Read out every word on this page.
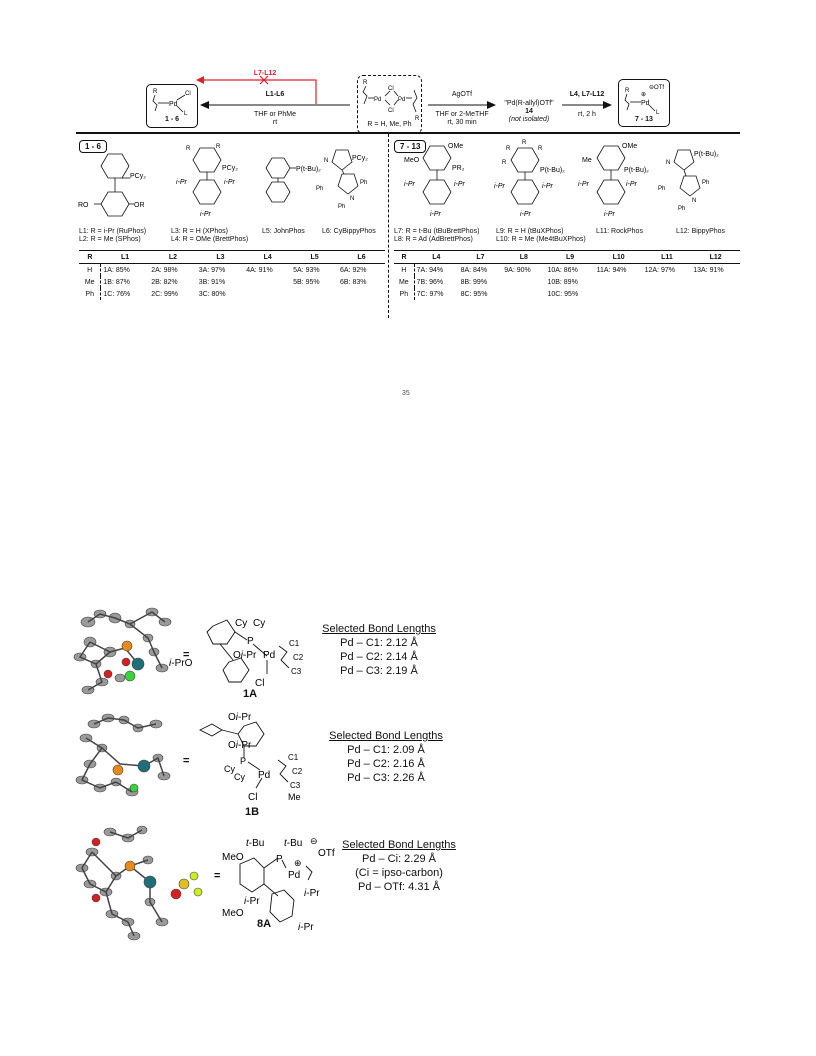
R
Pd
Cl
L
1 - 6
L7-L12
L1-L6
THF or PhMe
rt
R
Pd
Cl
Cl
Pd
R
R = H, Me, Ph
AgOTf
THF or 2-MeTHF
rt, 30 min
"Pd(R-allyl)OTf"
14
(not isolated)
L4, L7-L12
rt, 2 h
R
Pd
⊕
⊖OTf
L
7 - 13
1 - 6
PCy₂
RO	OR
R	R
PCy₂
i-Pr	i-Pr
i-Pr
P(t-Bu)₂
PCy₂
N
Ph
Ph
N
Ph
L1: R = i-Pr (RuPhos)
L2: R = Me (SPhos)
L3: R = H (XPhos)
L4: R = OMe (BrettPhos)
L5: JohnPhos L6: CyBippyPhos
R	L1	L2	L3	L4	L5	L6
H	1A: 85%	2A: 98%	3A: 97%	4A: 91%	5A: 93%	6A: 92%
Me	1B: 87%	2B: 82%	3B: 91%		5B: 95%	6B: 83%
Ph	1C: 76%	2C: 99%	3C: 80%			
7 - 13	OMe
MeO
PR₂
i-Pr	i-Pr
i-Pr
R
R	R
R
P(t-Bu)₂
i-Pr	i-Pr
i-Pr
OMe
Me
P(t-Bu)₂
i-Pr	i-Pr
i-Pr
P(t-Bu)₂
N
Ph
Ph
N
Ph
L7: R = t-Bu (tBuBrettPhos)
L8: R = Ad (AdBrettPhos)
L9: R = H (tBuXPhos)
L10: R = Me (Me4tBuXPhos)
L11: RockPhos	L12: BippyPhos
R	L4	L7	L8	L9	L10	L11	L12
H	7A: 94%	8A: 84%	9A: 90%	10A: 86%	11A: 94%	12A: 97%	13A: 91%
Me	7B: 96%	8B: 99%		10B: 89%			
Ph	7C: 97%	8C: 95%		10C: 95%			
35
=
Cy Cy
P
Pd
Oi-Pr
i-PrO
Cl
C1
C2
C3
1A
Selected Bond Lengths
Pd – C1: 2.12 Å
Pd – C2: 2.14 Å
Pd – C3: 2.19 Å
=
Oi-Pr
Oi-Pr
P
Cy
Cy Pd
Cl
C1
C2
C3
Me
1B
Selected Bond Lengths
Pd – C1: 2.09 Å
Pd – C2: 2.16 Å
Pd – C3: 2.26 Å
=
MeO
t-Bu t-Bu ⊖
OTf
P ⊕
Pd
i-Pr
i-Pr
MeO
i-Pr
8A
Selected Bond Lengths
Pd – Ci: 2.29 Å
(Ci = ipso-carbon)
Pd – OTf: 4.31 Å
